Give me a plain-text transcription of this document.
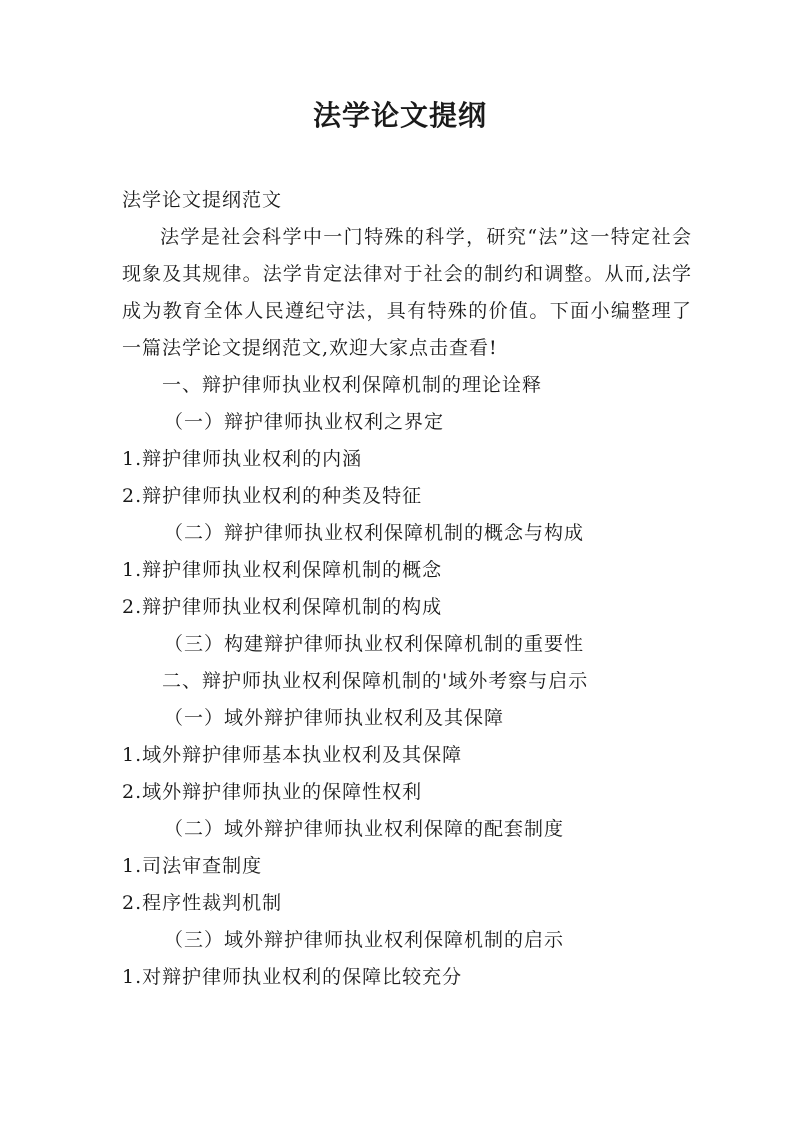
法学论文提纲

法学论文提纲范文

法学是社会科学中一门特殊的科学，研究“法”这一特定社会现象及其规律。法学肯定法律对于社会的制约和调整。从而,法学成为教育全体人民遵纪守法，具有特殊的价值。下面小编整理了一篇法学论文提纲范文,欢迎大家点击查看!

一、辩护律师执业权利保障机制的理论诠释

（一）辩护律师执业权利之界定

1.辩护律师执业权利的内涵

2.辩护律师执业权利的种类及特征

（二）辩护律师执业权利保障机制的概念与构成

1.辩护律师执业权利保障机制的概念

2.辩护律师执业权利保障机制的构成

（三）构建辩护律师执业权利保障机制的重要性

二、辩护师执业权利保障机制的'域外考察与启示

（一）域外辩护律师执业权利及其保障

1.域外辩护律师基本执业权利及其保障

2.域外辩护律师执业的保障性权利

（二）域外辩护律师执业权利保障的配套制度

1.司法审查制度

2.程序性裁判机制

（三）域外辩护律师执业权利保障机制的启示

1.对辩护律师执业权利的保障比较充分
